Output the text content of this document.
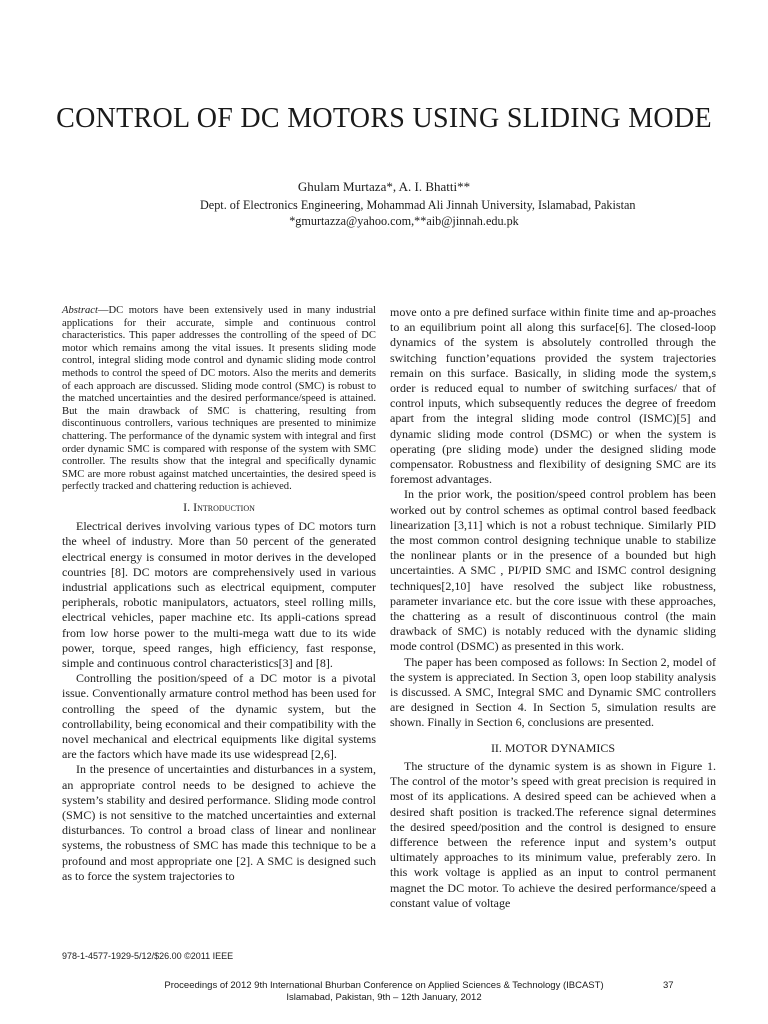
CONTROL OF DC MOTORS USING SLIDING MODE
Ghulam Murtaza*, A. I. Bhatti**
Dept. of Electronics Engineering, Mohammad Ali Jinnah University, Islamabad, Pakistan
*gmurtazza@yahoo.com,**aib@jinnah.edu.pk

Abstract—DC motors have been extensively used in many industrial applications for their accurate, simple and continuous control characteristics. This paper addresses the controlling of the speed of DC motor which remains among the vital issues. It presents sliding mode control, integral sliding mode control and dynamic sliding mode control methods to control the speed of DC motors. Also the merits and demerits of each approach are discussed. Sliding mode control (SMC) is robust to the matched uncertainties and the desired performance/speed is attained. But the main drawback of SMC is chattering, resulting from discontinuous controllers, various techniques are presented to minimize chattering. The performance of the dynamic system with integral and first order dynamic SMC is compared with response of the system with SMC controller. The results show that the integral and specifically dynamic SMC are more robust against matched uncertainties, the desired speed is perfectly tracked and chattering reduction is achieved.

I. Introduction

Electrical derives involving various types of DC motors turn the wheel of industry. More than 50 percent of the generated electrical energy is consumed in motor derives in the developed countries [8]. DC motors are comprehensively used in various industrial applications such as electrical equipment, computer peripherals, robotic manipulators, actuators, steel rolling mills, electrical vehicles, paper machine etc. Its appli-cations spread from low horse power to the multi-mega watt due to its wide power, torque, speed ranges, high efficiency, fast response, simple and continuous control characteristics[3] and [8].

Controlling the position/speed of a DC motor is a pivotal issue. Conventionally armature control method has been used for controlling the speed of the dynamic system, but the controllability, being economical and their compatibility with the novel mechanical and electrical equipments like digital systems are the factors which have made its use widespread [2,6].

In the presence of uncertainties and disturbances in a system, an appropriate control needs to be designed to achieve the system’s stability and desired performance. Sliding mode control (SMC) is not sensitive to the matched uncertainties and external disturbances. To control a broad class of linear and nonlinear systems, the robustness of SMC has made this technique to be a profound and most appropriate one [2]. A SMC is designed such as to force the system trajectories to

move onto a pre defined surface within finite time and ap-proaches to an equilibrium point all along this surface[6]. The closed-loop dynamics of the system is absolutely controlled through the switching function’equations provided the system trajectories remain on this surface. Basically, in sliding mode the system,s order is reduced equal to number of switching surfaces/ that of control inputs, which subsequently reduces the degree of freedom apart from the integral sliding mode control (ISMC)[5] and dynamic sliding mode control (DSMC) or when the system is operating (pre sliding mode) under the designed sliding mode compensator. Robustness and flexibility of designing SMC are its foremost advantages.

In the prior work, the position/speed control problem has been worked out by control schemes as optimal control based feedback linearization [3,11] which is not a robust technique. Similarly PID the most common control designing technique unable to stabilize the nonlinear plants or in the presence of a bounded but high uncertainties. A SMC , PI/PID SMC and ISMC control designing techniques[2,10] have resolved the subject like robustness, parameter invariance etc. but the core issue with these approaches, the chattering as a result of discontinuous control (the main drawback of SMC) is notably reduced with the dynamic sliding mode control (DSMC) as presented in this work.

The paper has been composed as follows: In Section 2, model of the system is appreciated. In Section 3, open loop stability analysis is discussed. A SMC, Integral SMC and Dynamic SMC controllers are designed in Section 4. In Section 5, simulation results are shown. Finally in Section 6, conclusions are presented.

II. MOTOR DYNAMICS

The structure of the dynamic system is as shown in Figure 1. The control of the motor’s speed with great precision is required in most of its applications. A desired speed can be achieved when a desired shaft position is tracked.The reference signal determines the desired speed/position and the control is designed to ensure difference between the reference input and system’s output ultimately approaches to its minimum value, preferably zero. In this work voltage is applied as an input to control permanent magnet the DC motor. To achieve the desired performance/speed a constant value of voltage

978-1-4577-1929-5/12/$26.00 ©2011 IEEE
Proceedings of 2012 9th International Bhurban Conference on Applied Sciences & Technology (IBCAST)
Islamabad, Pakistan, 9th – 12th January, 2012
37
